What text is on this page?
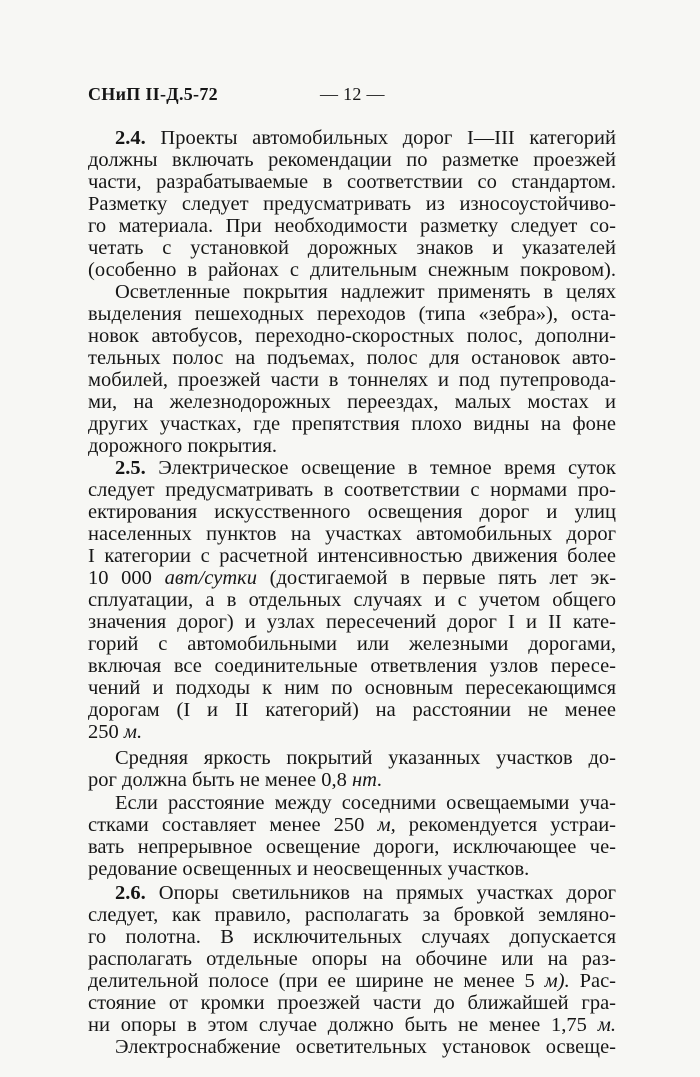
СНиП II-Д.5-72	— 12 —
2.4. Проекты автомобильных дорог I—III категорий
должны включать рекомендации по разметке проезжей
части, разрабатываемые в соответствии со стандартом.
Разметку следует предусматривать из износоустойчиво-
го материала. При необходимости разметку следует со-
четать с установкой дорожных знаков и указателей
(особенно в районах с длительным снежным покровом).
Осветленные покрытия надлежит применять в целях
выделения пешеходных переходов (типа «зебра»), оста-
новок автобусов, переходно-скоростных полос, дополни-
тельных полос на подъемах, полос для остановок авто-
мобилей, проезжей части в тоннелях и под путепровода-
ми, на железнодорожных переездах, малых мостах и
других участках, где препятствия плохо видны на фоне
дорожного покрытия.
2.5. Электрическое освещение в темное время суток
следует предусматривать в соответствии с нормами про-
ектирования искусственного освещения дорог и улиц
населенных пунктов на участках автомобильных дорог
I категории с расчетной интенсивностью движения более
10 000 авт/сутки (достигаемой в первые пять лет эк-
сплуатации, а в отдельных случаях и с учетом общего
значения дорог) и узлах пересечений дорог I и II кате-
горий с автомобильными или железными дорогами,
включая все соединительные ответвления узлов пересе-
чений и подходы к ним по основным пересекающимся
дорогам (I и II категорий) на расстоянии не менее
250 м.
Средняя яркость покрытий указанных участков до-
рог должна быть не менее 0,8 нт.
Если расстояние между соседними освещаемыми уча-
стками составляет менее 250 м, рекомендуется устраи-
вать непрерывное освещение дороги, исключающее че-
редование освещенных и неосвещенных участков.
2.6. Опоры светильников на прямых участках дорог
следует, как правило, располагать за бровкой земляно-
го полотна. В исключительных случаях допускается
располагать отдельные опоры на обочине или на раз-
делительной полосе (при ее ширине не менее 5 м). Рас-
стояние от кромки проезжей части до ближайшей гра-
ни опоры в этом случае должно быть не менее 1,75 м.
Электроснабжение осветительных установок освеще-
